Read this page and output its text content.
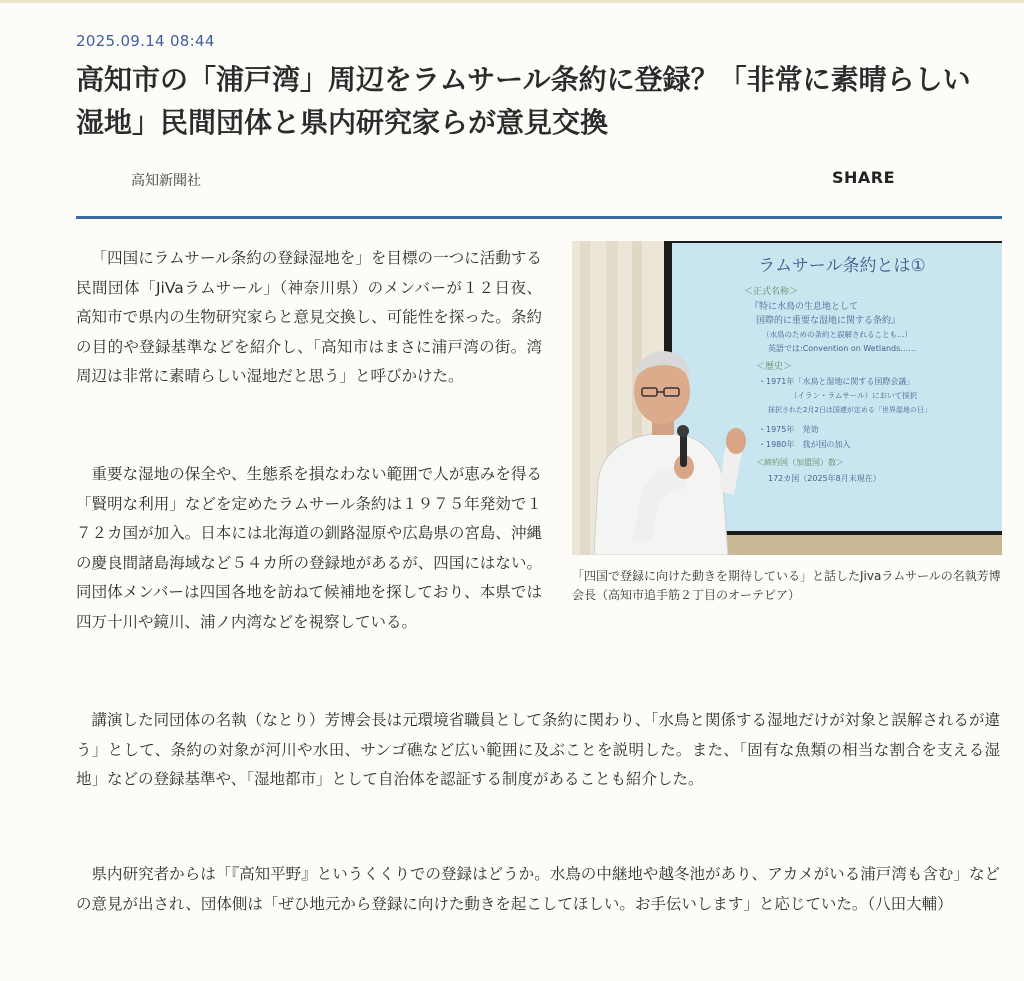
2025.09.14 08:44
高知市の「浦戸湾」周辺をラムサール条約に登録？「非常に素晴らしい湿地」民間団体と県内研究家らが意見交換
高知新聞社	SHARE

「四国にラムサール条約の登録湿地を」を目標の一つに活動する民間団体「JiVaラムサール」（神奈川県）のメンバーが１２日夜、高知市で県内の生物研究家らと意見交換し、可能性を探った。条約の目的や登録基準などを紹介し、「高知市はまさに浦戸湾の街。湾周辺は非常に素晴らしい湿地だと思う」と呼びかけた。

重要な湿地の保全や、生態系を損なわない範囲で人が恵みを得る「賢明な利用」などを定めたラムサール条約は１９７５年発効で１７２カ国が加入。日本には北海道の釧路湿原や広島県の宮島、沖縄の慶良間諸島海域など５４カ所の登録地があるが、四国にはない。同団体メンバーは四国各地を訪ねて候補地を探しており、本県では四万十川や鏡川、浦ノ内湾などを視察している。

ラムサール条約とは①
＜正式名称＞
『特に水鳥の生息地として
国際的に重要な湿地に関する条約』
（水鳥のための条約と誤解されることも…）
英語では:Convention on Wetlands……
＜歴史＞
・1971年「水鳥と湿地に関する国際会議」
（イラン・ラムサール）において採択
採択された2月2日は国連が定める「世界湿地の日」
・1975年　発効
・1980年　我が国の加入
＜締約国（加盟国）数＞
172カ国（2025年8月末現在）

「四国で登録に向けた動きを期待している」と話したJivaラムサールの名執芳博会長（高知市追手筋２丁目のオーテピア）

講演した同団体の名執（なとり）芳博会長は元環境省職員として条約に関わり、「水鳥と関係する湿地だけが対象と誤解されるが違う」として、条約の対象が河川や水田、サンゴ礁など広い範囲に及ぶことを説明した。また、「固有な魚類の相当な割合を支える湿地」などの登録基準や、「湿地都市」として自治体を認証する制度があることも紹介した。

県内研究者からは「『高知平野』というくくりでの登録はどうか。水鳥の中継地や越冬池があり、アカメがいる浦戸湾も含む」などの意見が出され、団体側は「ぜひ地元から登録に向けた動きを起こしてほしい。お手伝いします」と応じていた。（八田大輔）
